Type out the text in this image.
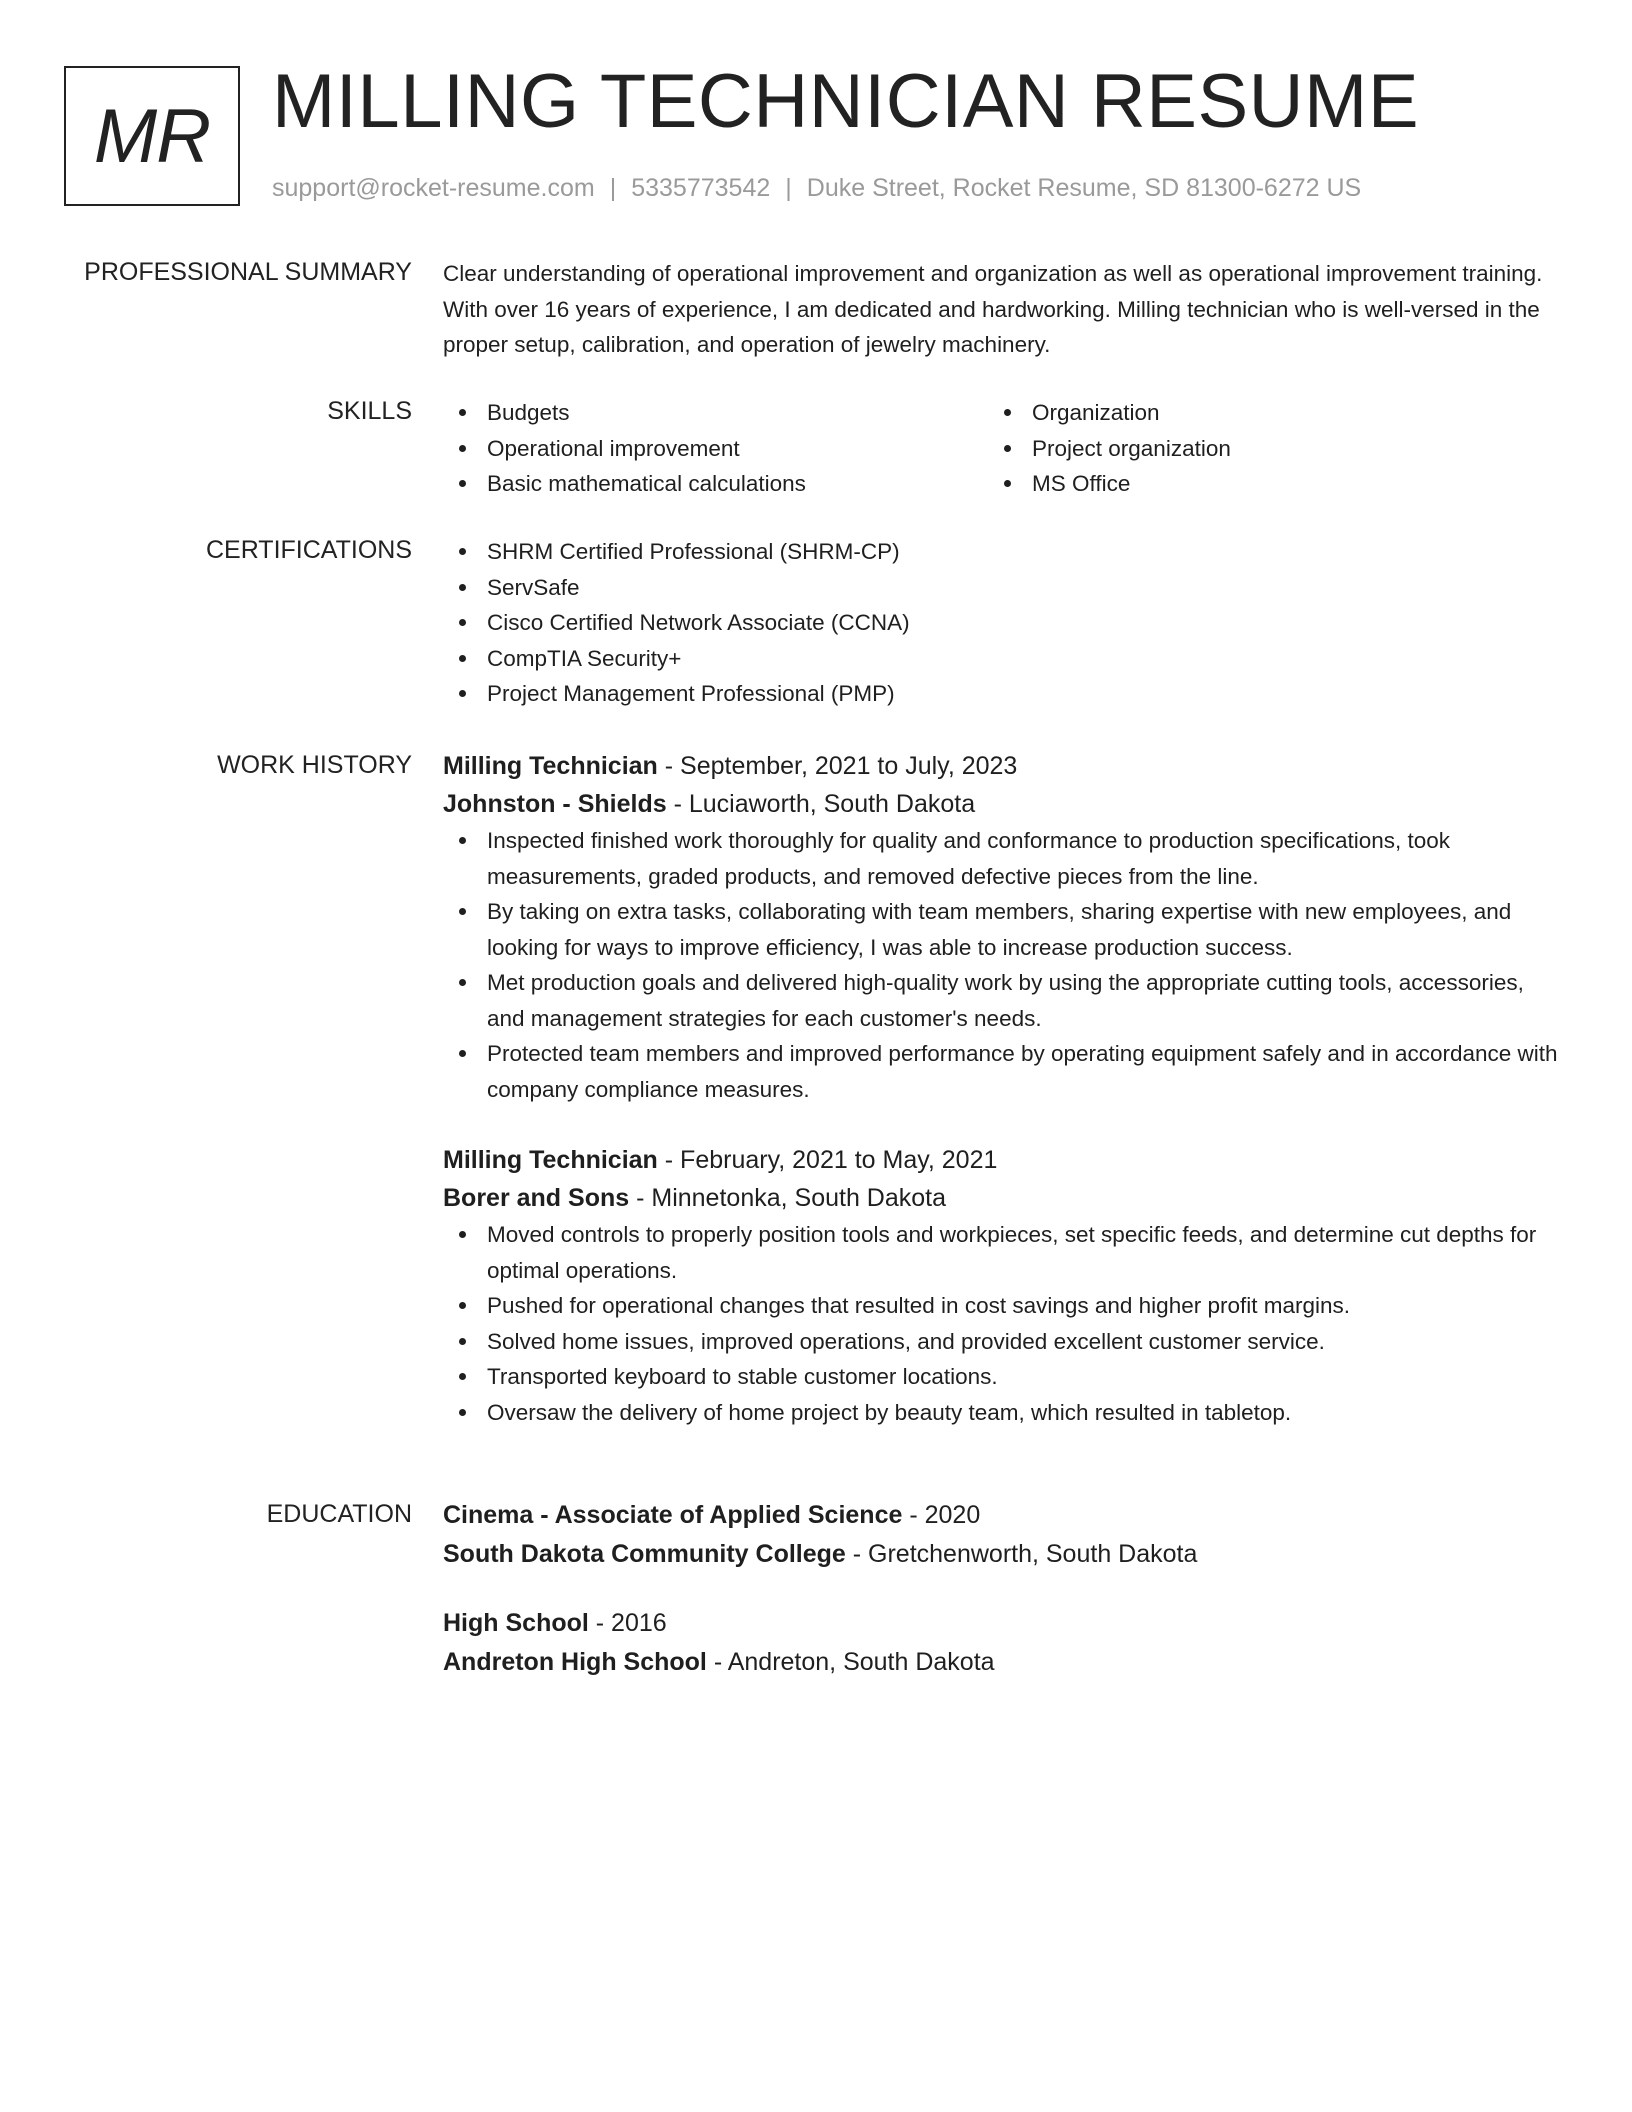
MR MILLING TECHNICIAN RESUME
support@rocket-resume.com | 5335773542 | Duke Street, Rocket Resume, SD 81300-6272 US
PROFESSIONAL SUMMARY Clear understanding of operational improvement and organization as well as operational improvement training. With over 16 years of experience, I am dedicated and hardworking. Milling technician who is well-versed in the proper setup, calibration, and operation of jewelry machinery.

SKILLS	Budgets
Operational improvement
Basic mathematical calculations
Organization
Project organization
MS Office
CERTIFICATIONS	SHRM Certified Professional (SHRM-CP)
ServSafe
Cisco Certified Network Associate (CCNA)
CompTIA Security+
Project Management Professional (PMP)
WORK HISTORY Milling Technician - September, 2021 to July, 2023
Johnston - Shields - Luciaworth, South Dakota
Inspected finished work thoroughly for quality and conformance to production specifications, took measurements, graded products, and removed defective pieces from the line.
By taking on extra tasks, collaborating with team members, sharing expertise with new employees, and looking for ways to improve efficiency, I was able to increase production success.
Met production goals and delivered high-quality work by using the appropriate cutting tools, accessories, and management strategies for each customer's needs.
Protected team members and improved performance by operating equipment safely and in accordance with company compliance measures.
Milling Technician - February, 2021 to May, 2021
Borer and Sons - Minnetonka, South Dakota
Moved controls to properly position tools and workpieces, set specific feeds, and determine cut depths for optimal operations.
Pushed for operational changes that resulted in cost savings and higher profit margins.
Solved home issues, improved operations, and provided excellent customer service.
Transported keyboard to stable customer locations.
Oversaw the delivery of home project by beauty team, which resulted in tabletop.
EDUCATION Cinema - Associate of Applied Science - 2020
South Dakota Community College - Gretchenworth, South Dakota
High School - 2016
Andreton High School - Andreton, South Dakota
